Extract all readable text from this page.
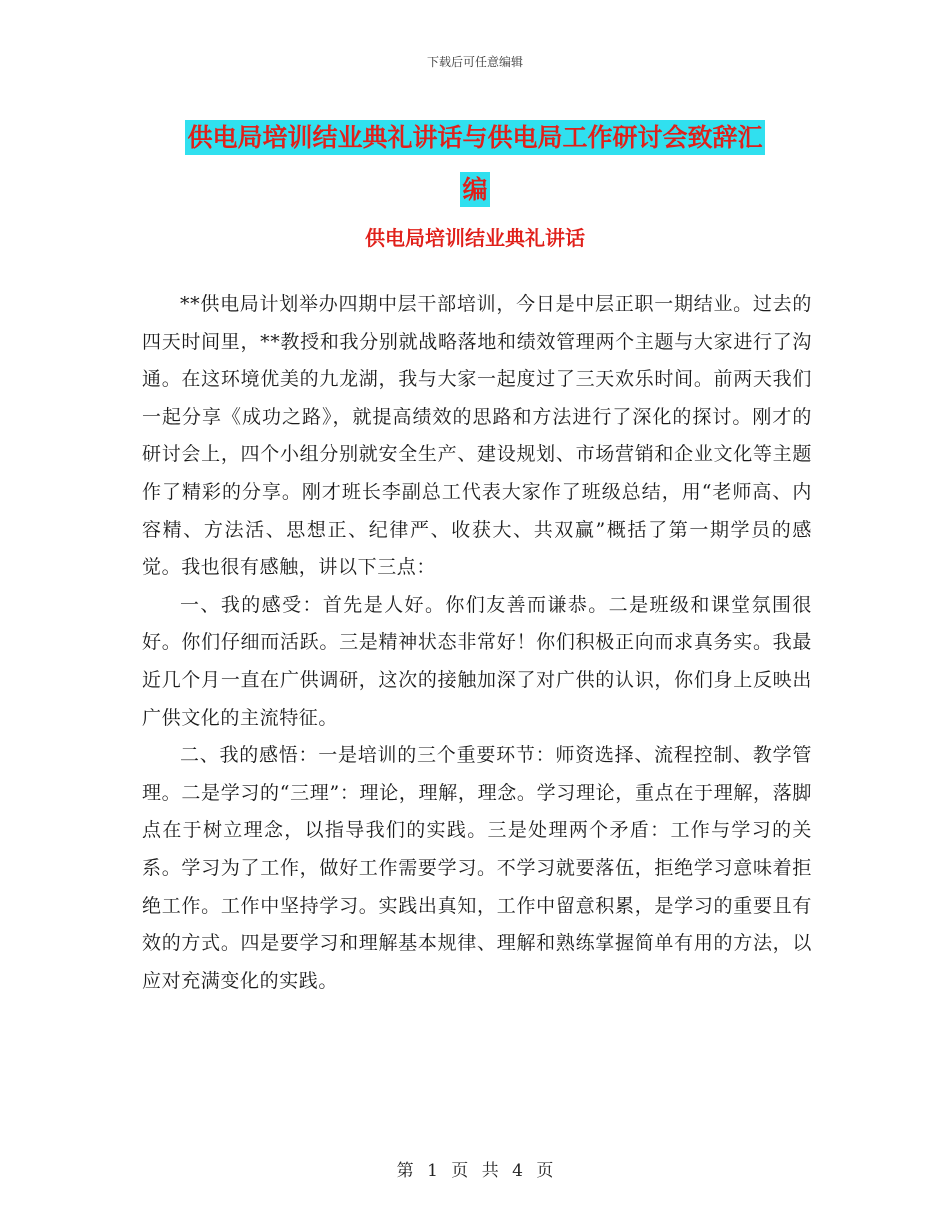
下载后可任意编辑
供电局培训结业典礼讲话与供电局工作研讨会致辞汇
编
供电局培训结业典礼讲话

**供电局计划举办四期中层干部培训，今日是中层正职一期结业。过去的四天时间里，**教授和我分别就战略落地和绩效管理两个主题与大家进行了沟通。在这环境优美的九龙湖，我与大家一起度过了三天欢乐时间。前两天我们一起分享《成功之路》，就提高绩效的思路和方法进行了深化的探讨。刚才的研讨会上，四个小组分别就安全生产、建设规划、市场营销和企业文化等主题作了精彩的分享。刚才班长李副总工代表大家作了班级总结，用“老师高、内容精、方法活、思想正、纪律严、收获大、共双赢”概括了第一期学员的感觉。我也很有感触，讲以下三点：

一、我的感受：首先是人好。你们友善而谦恭。二是班级和课堂氛围很好。你们仔细而活跃。三是精神状态非常好！你们积极正向而求真务实。我最近几个月一直在广供调研，这次的接触加深了对广供的认识，你们身上反映出广供文化的主流特征。

二、我的感悟：一是培训的三个重要环节：师资选择、流程控制、教学管理。二是学习的“三理”：理论，理解，理念。学习理论，重点在于理解，落脚点在于树立理念，以指导我们的实践。三是处理两个矛盾：工作与学习的关系。学习为了工作，做好工作需要学习。不学习就要落伍，拒绝学习意味着拒绝工作。工作中坚持学习。实践出真知，工作中留意积累，是学习的重要且有效的方式。四是要学习和理解基本规律、理解和熟练掌握简单有用的方法，以应对充满变化的实践。

第 1 页 共 4 页
